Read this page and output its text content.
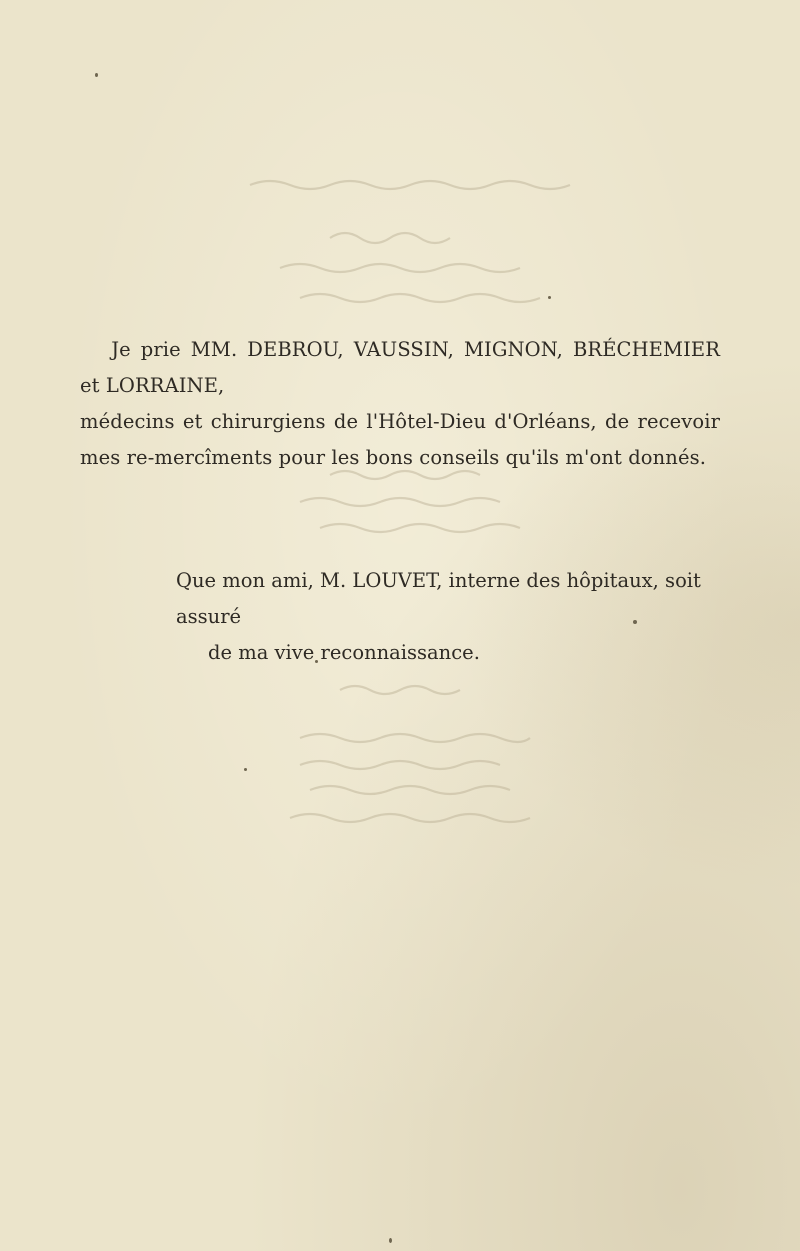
Je prie MM. DEBROU, VAUSSIN, MIGNON, BRÉCHEMIER et LORRAINE,
médecins et chirurgiens de l'Hôtel-Dieu d'Orléans, de recevoir mes re-mercîments pour les bons conseils qu'ils m'ont donnés.

Que mon ami, M. LOUVET, interne des hôpitaux, soit assuré
de ma vive reconnaissance.
